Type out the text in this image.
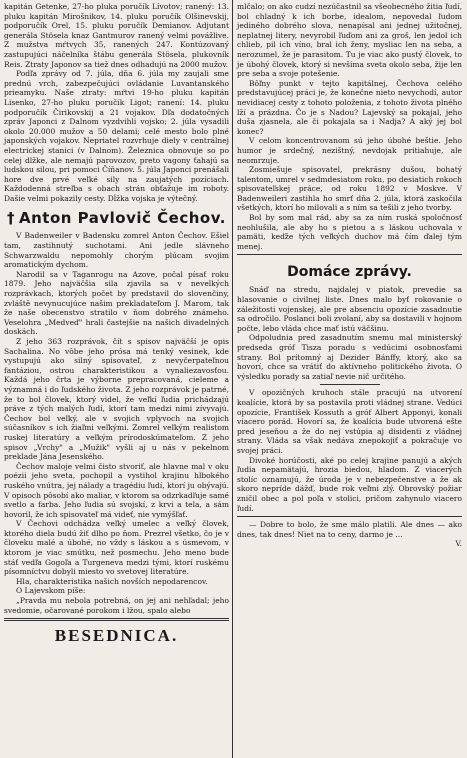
kapitán Getenke, 27-ho pluka poručík Lívotov; ranený: 13. pluku kapitán Mirošnikov, 14. pluku poručík Olšinevskij, podporučík Orel, 15. pluku poručík Demianov. Adjutant generála Stösela knaz Gantmurov ranený velmi povážlive. Z mužstva mŕtvych 35, ranených 247. Kontúzovaný zastupujúci náčelníka štábu generála Stösela, plukovník Reis. Ztraty Japonov sa tiež dnes odhadujú na 2000 mužov.

Podľa zprávy od 7. júla, dňa 6. júla my zaujali sme prednú vrch, zabezpečujúci ovládanie Luvantanského prieamyku. Naše ztraty: mŕtvi 19-ho pluku kapitán Lisenko, 27-ho pluku poručík Ligot; ranení: 14. pluku podporučík Čirikovskij a 21 vojakov. Dľa dodatočných zpráv Japonci z Dalnom vyzdvihli vojsko; 2. júla vysadili okolo 20.000 mužov a 50 delami; celé mesto bolo plné japonských vojakov. Nepriatel rozvrhuje diely v centrálnej electrickej stanici (v Dalnom). Železnica obnovuje so po celej dlžke, ale nemajú parovozov, preto vagony ťahajú sa ludskou silou, pri pomoci Číňanov. 5. júla Japonci prenášali hore dve prvé veľké sily na zaujatých pozíciach. Každodenná streľba s obach strán obťažuje im roboty. Dašie velmi pokazily cesty. Dĺžka vojska je výtečný.

† Anton Pavlovič Čechov.

V Badenweiler v Badensku zomrel Anton Čechov. Ešiel tam, zastihnutý suchotami. Ani jedle slávneho Schwarzwaldu nepomohly chorým plúcam svojim aromatickým dychom.

Narodil sa v Taganrogu na Azove, počal písať roku 1879. Jeho najväčšia sila zjavila sa v nevelkých rozprávkach, ktorých počet by predstavil do slovenčiny, zvláště nevynucujúce našim prekladateľom J. Marom, tak že naše obecenstvo stratilo v ňom dobrého známeho. Veselohra „Medveď" hrali častejšie na našich divadelných doskách.

Z jeho 363 rozprávok, čít s spisov najväčší je opis Sachalina. No vôbe jeho prósa má tenký vesinek, kde vystupujú ako silný spisovateľ, z nevyčerpateľnou fantáziou, ostrou charakteristikou a vynaliezavosťou. Každá jeho črta je výborne prepracovaná, cieleme a významná i do ľudského života. Z jeho rozprávok je patrné, že to bol človek, ktorý videl, že veľkí ľudia prichádzajú práve z tých malých ľudí, ktorí tam medzi nimi zívyvajú. Čechov bol veľký, ale v svojich vplyvoch na svojich súčasníkov s ich žiaľmi veľkými. Zomrel veľkým realistom ruskej literatúry a veľkým prírodoskúmateľom. Z jeho spisov „Vrchy" a „Mužik" vyšli aj u nás v pekelnom preklade Jána Jesenského.

Čechov maloje velmi čisto stvoriť, ale hlavne mal v oku poézii jeho sveta, pochopil a vystihol krajinu hlbokého ruského vnútra, jej nálady a tragédiu ľudí, ktorí ju obývajú. V opisoch pôsobí ako maliar, v ktorom sa odzrkadľuje samé svetlo a farba. Jeho ľudia sú svojskí, z krvi a tela, a sám hovoril, že ich spisovateľ má videť, nie vymýšľať.

V Čechovi odchádza veľký umelec a veľký človek, ktorého diela budú žiť dlho po ňom. Prezrel všetko, čo je v človeku malé a úbohé, no vždy s láskou a s úsmevom, v ktorom je viac smútku, než posmechu. Jeho meno bude stáť vedľa Gogoľa a Turgeneva medzi tými, ktorí ruskému písomníctvu dobyli miesto vo svetovej literatúre.

Hla, charakteristika našich novších nepodarencov.

O Lajevskom píše:

„Pravda mu nebola potrebná, on jej ani nehľadal; jeho svedomie, očarované porokom i lžou, spalo alebo

BESEDNICA.

mlčalo; on ako cudzí nezúčastnil sa všeobecného žitia ľudí, bol chladný k ich borbe, idealom, nepovedal ľudom jediného dobrého slova, nenapísal ani jednej užitočnej, neplatnej litery, nevyrobil ľuďom ani za groš, len jedol ich chlieb, pil ich víno, bral ich ženy, mysliac len na seba, a nerozumel, že je parasitom. Tu je viac ako pustý človek, to je úbohý človek, ktorý si nevšíma sveta okolo seba, žije len pre seba a svoje potešenie.

Bôľny punkt v tejto kapitálnej, Čechova celého predstavujúcej práci je, že konečne nieto nevychodí, autor nevidiacej cesty z tohoto položenia, z tohoto života plného lží a prázdna. Čo je s Nadou? Lajevský sa pokajal, jeho duša zjasnela, ale či pokajala sa i Nadja? A aký jej bol konec?

V celom koncentrovanom sú jeho úbohé beštie. Jeho humor je srdečný, nezištný, nevdojak pritiahuje, ale neomrzuje.

Zosmiešuje spisovatel, prekrásny dušou, bohatý talentom, umrel v sedmdesiatom roku, po desiatich rokoch spisovateľskej práce, od roku 1892 v Moskve. V Badenweileri zastihla ho smrť dňa 2. júla, ktorá zaskočila všetkých, ktorí ho milovali a s ním sa tešili z jeho tvorby.

Bol by som mal rád, aby sa za ním ruská spoločnosť neohlušila, ale aby ho s pietou a s láskou uchovala v pamäti, keďže tých veľkých duchov má čím ďalej tým menej.

Domáce zprávy.

Snáď na stredu, najdalej v piatok, prevedie sa hlasovanie o civilnej liste. Dnes malo byť rokovanie o záležitosti vojenskej, ale pre absenciu opozície zasadnutie sa odročilo. Poslanci boli zvolaní, aby sa dostavili v hojnom počte, lebo vláda chce mať istú väčšinu.

Odpoludnia pred zasadnutím snemu mal ministerský predseda gróf Tisza poradu s vedúcimi osobnosťami strany. Bol prítomný aj Dezider Bánffy, ktorý, ako sa hovorí, chce sa vrátiť do aktívneho politického života. O výsledku porady sa zatiaľ nevie nič určitého.

V opozičných kruhoch stále pracujú na utvorení koalície, ktorá by sa postavila proti vládnej strane. Vedúci opozície, František Kossuth a gróf Albert Apponyi, konali viacero porád. Hovorí sa, že koalícia bude utvorená ešte pred jeseňou a že do nej vstúpia aj disidenti z vládnej strany. Vláda sa však nedáva znepokojiť a pokračuje vo svojej práci.

Divoké horúčosti, aké po celej krajine panujú a akých ľudia nepamätajú, hrozia biedou, hladom. Z viacerých stolíc oznamujú, že úroda je v nebezpečenstve a že ak skoro nepríde dážď, bude rok veľmi zlý. Obrovský požiar zničil obec a pol poľa v stolici, pričom zahynulo viacero ľudí.

— Dobre to bolo, že sme málo platili. Ale dnes — ako dnes, tak dnes! Niet na to ceny, darmo je ...

V.
